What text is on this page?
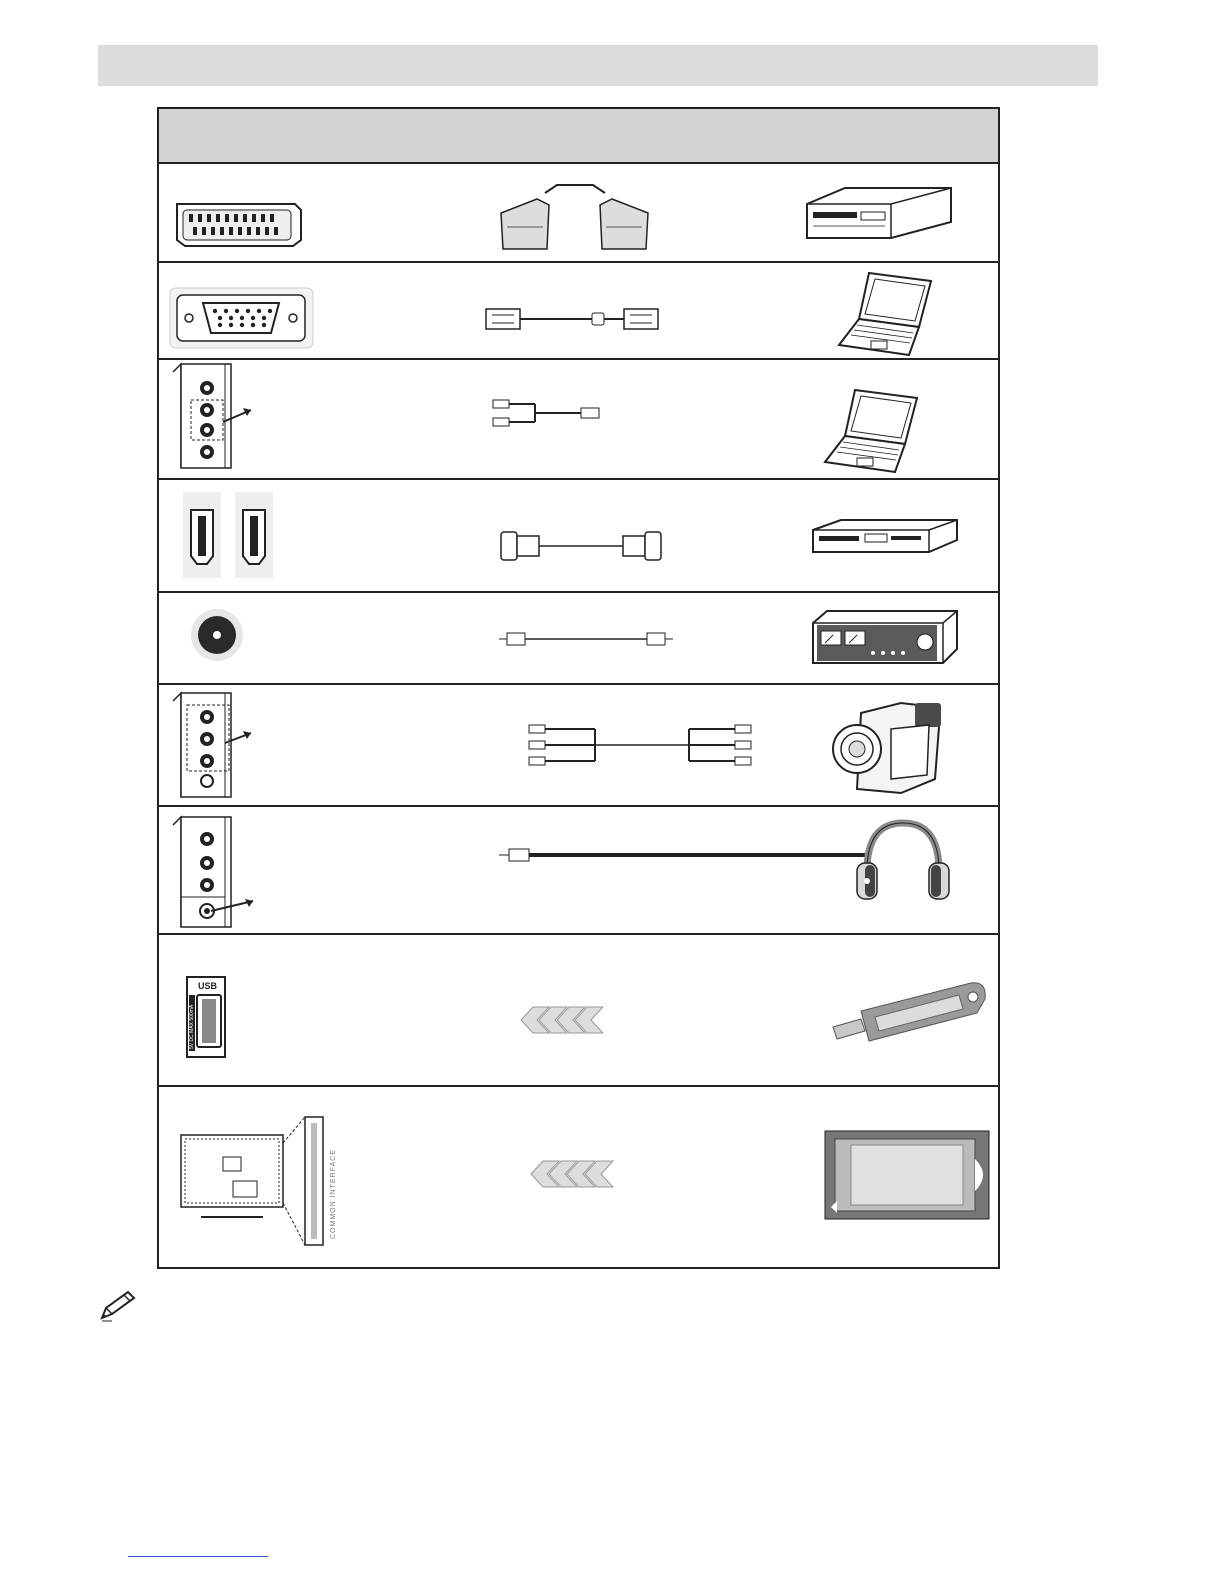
USB
5V DC MAX 500mA
COMMON INTERFACE
